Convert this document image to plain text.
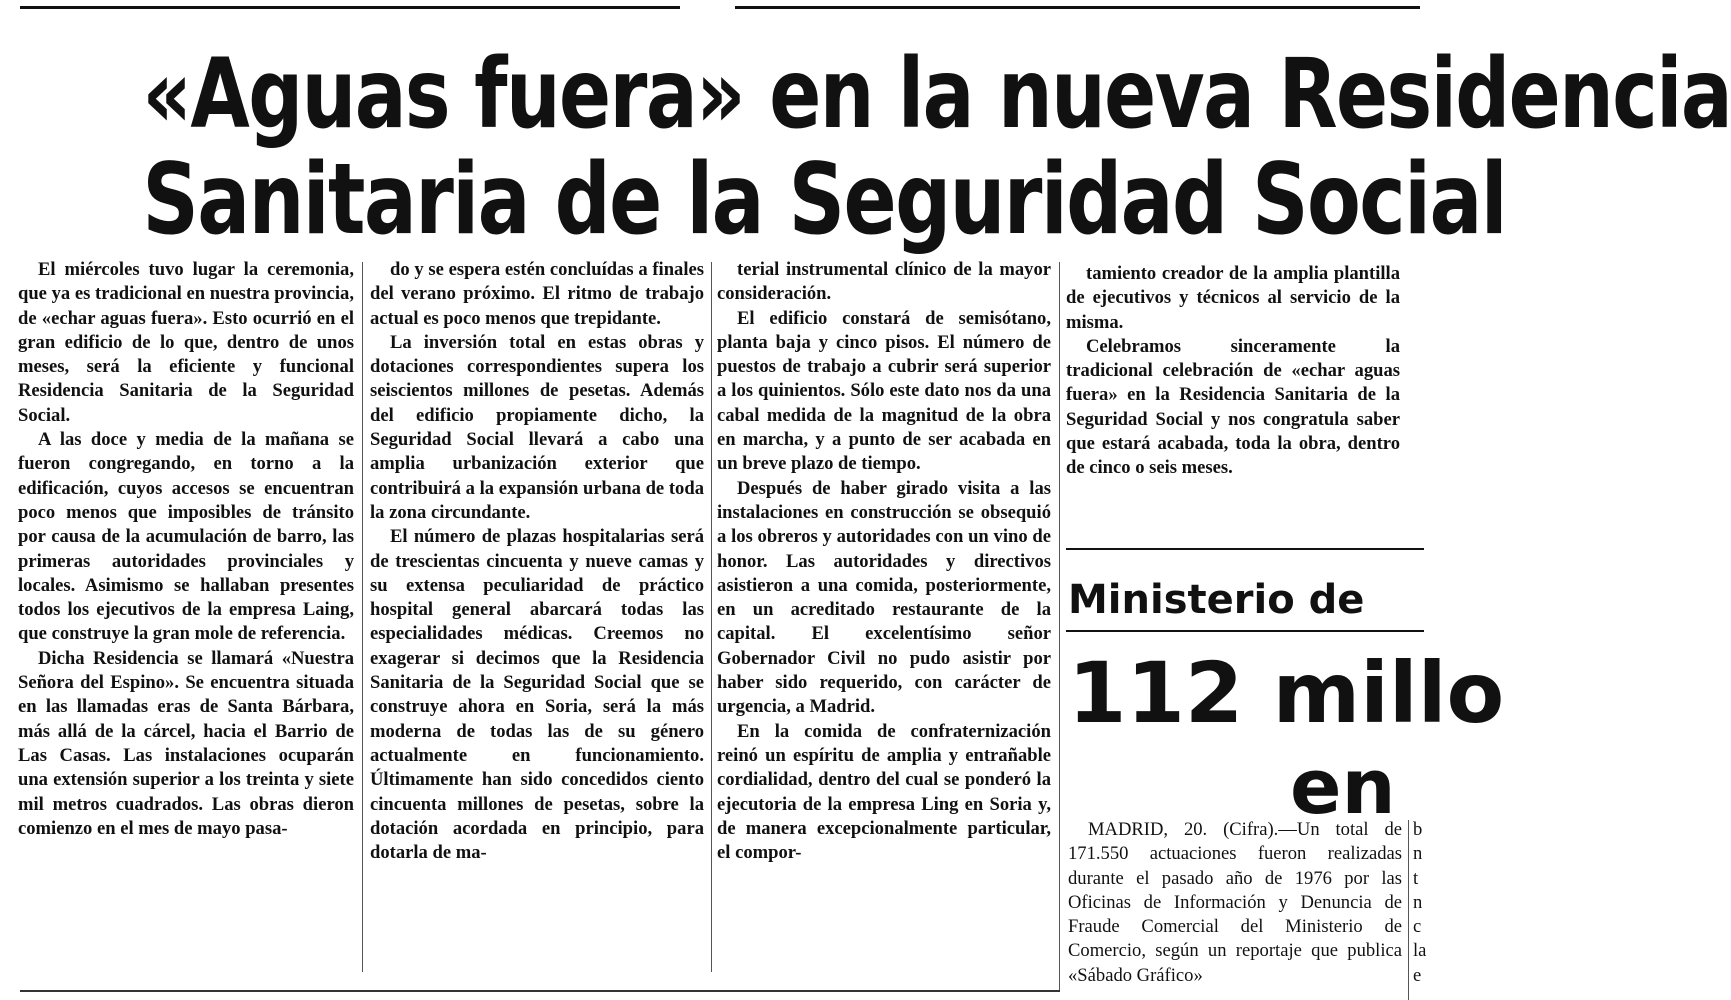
«Aguas fuera» en la nueva Residencia
Sanitaria de la Seguridad Social

El miércoles tuvo lugar la ceremonia, que ya es tradicional en nuestra provincia, de «echar aguas fuera». Esto ocurrió en el gran edificio de lo que, dentro de unos meses, será la eficiente y funcional Residencia Sanitaria de la Seguridad Social.

A las doce y media de la mañana se fueron congregando, en torno a la edificación, cuyos accesos se encuentran poco menos que imposibles de tránsito por causa de la acumulación de barro, las primeras autoridades provinciales y locales. Asimismo se hallaban presentes todos los ejecutivos de la empresa Laing, que construye la gran mole de referencia.

Dicha Residencia se llamará «Nuestra Señora del Espino». Se encuentra situada en las llamadas eras de Santa Bárbara, más allá de la cárcel, hacia el Barrio de Las Casas. Las instalaciones ocuparán una extensión superior a los treinta y siete mil metros cuadrados. Las obras dieron comienzo en el mes de mayo pasa-

do y se espera estén concluídas a finales del verano próximo. El ritmo de trabajo actual es poco menos que trepidante.

La inversión total en estas obras y dotaciones correspondientes supera los seiscientos millones de pesetas. Además del edificio propiamente dicho, la Seguridad Social llevará a cabo una amplia urbanización exterior que contribuirá a la expansión urbana de toda la zona circundante.

El número de plazas hospitalarias será de trescientas cincuenta y nueve camas y su extensa peculiaridad de práctico hospital general abarcará todas las especialidades médicas. Creemos no exagerar si decimos que la Residencia Sanitaria de la Seguridad Social que se construye ahora en Soria, será la más moderna de todas las de su género actualmente en funcionamiento. Últimamente han sido concedidos ciento cincuenta millones de pesetas, sobre la dotación acordada en principio, para dotarla de ma-

terial instrumental clínico de la mayor consideración.

El edificio constará de semisótano, planta baja y cinco pisos. El número de puestos de trabajo a cubrir será superior a los quinientos. Sólo este dato nos da una cabal medida de la magnitud de la obra en marcha, y a punto de ser acabada en un breve plazo de tiempo.

Después de haber girado visita a las instalaciones en construcción se obsequió a los obreros y autoridades con un vino de honor. Las autoridades y directivos asistieron a una comida, posteriormente, en un acreditado restaurante de la capital. El excelentísimo señor Gobernador Civil no pudo asistir por haber sido requerido, con carácter de urgencia, a Madrid.

En la comida de confraternización reinó un espíritu de amplia y entrañable cordialidad, dentro del cual se ponderó la ejecutoria de la empresa Ling en Soria y, de manera excepcionalmente particular, el compor-

tamiento creador de la amplia plantilla de ejecutivos y técnicos al servicio de la misma.

Celebramos sinceramente la tradicional celebración de «echar aguas fuera» en la Residencia Sanitaria de la Seguridad Social y nos congratula saber que estará acabada, toda la obra, dentro de cinco o seis meses.

Ministerio de
112 millo
en

MADRID, 20. (Cifra).—Un total de 171.550 actuaciones fueron realizadas durante el pasado año de 1976 por las Oficinas de Información y Denuncia de Fraude Comercial del Ministerio de Comercio, según un reportaje que publica «Sábado Gráfico»

b
n
t
n
c
la
e
